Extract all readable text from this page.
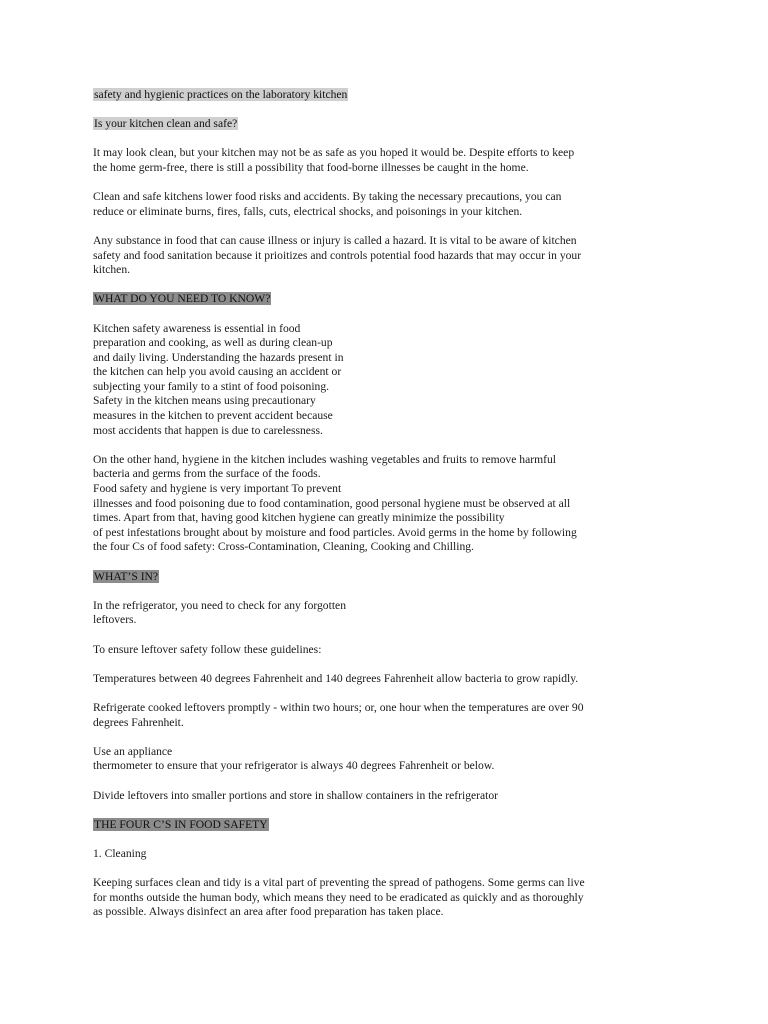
safety and hygienic practices on the laboratory kitchen
Is your kitchen clean and safe?
It may look clean, but your kitchen may not be as safe as you hoped it would be. Despite efforts to keep
the home germ-free, there is still a possibility that food-borne illnesses be caught in the home.
Clean and safe kitchens lower food risks and accidents. By taking the necessary precautions, you can
reduce or eliminate burns, fires, falls, cuts, electrical shocks, and poisonings in your kitchen.
Any substance in food that can cause illness or injury is called a hazard. It is vital to be aware of kitchen
safety and food sanitation because it prioitizes and controls potential food hazards that may occur in your
kitchen.
WHAT DO YOU NEED TO KNOW?
Kitchen safety awareness is essential in food
preparation and cooking, as well as during clean-up
and daily living. Understanding the hazards present in
the kitchen can help you avoid causing an accident or
subjecting your family to a stint of food poisoning.
Safety in the kitchen means using precautionary
measures in the kitchen to prevent accident because
most accidents that happen is due to carelessness.
On the other hand, hygiene in the kitchen includes washing vegetables and fruits to remove harmful
bacteria and germs from the surface of the foods.
Food safety and hygiene is very important To prevent
illnesses and food poisoning due to food contamination, good personal hygiene must be observed at all
times. Apart from that, having good kitchen hygiene can greatly minimize the possibility
of pest infestations brought about by moisture and food particles. Avoid germs in the home by following
the four Cs of food safety: Cross-Contamination, Cleaning, Cooking and Chilling.
WHAT’S IN?
In the refrigerator, you need to check for any forgotten
leftovers.
To ensure leftover safety follow these guidelines:
Temperatures between 40 degrees Fahrenheit and 140 degrees Fahrenheit allow bacteria to grow rapidly.
Refrigerate cooked leftovers promptly - within two hours; or, one hour when the temperatures are over 90
degrees Fahrenheit.
Use an appliance
thermometer to ensure that your refrigerator is always 40 degrees Fahrenheit or below.
Divide leftovers into smaller portions and store in shallow containers in the refrigerator
THE FOUR C’S IN FOOD SAFETY
1. Cleaning
Keeping surfaces clean and tidy is a vital part of preventing the spread of pathogens. Some germs can live
for months outside the human body, which means they need to be eradicated as quickly and as thoroughly
as possible. Always disinfect an area after food preparation has taken place.
